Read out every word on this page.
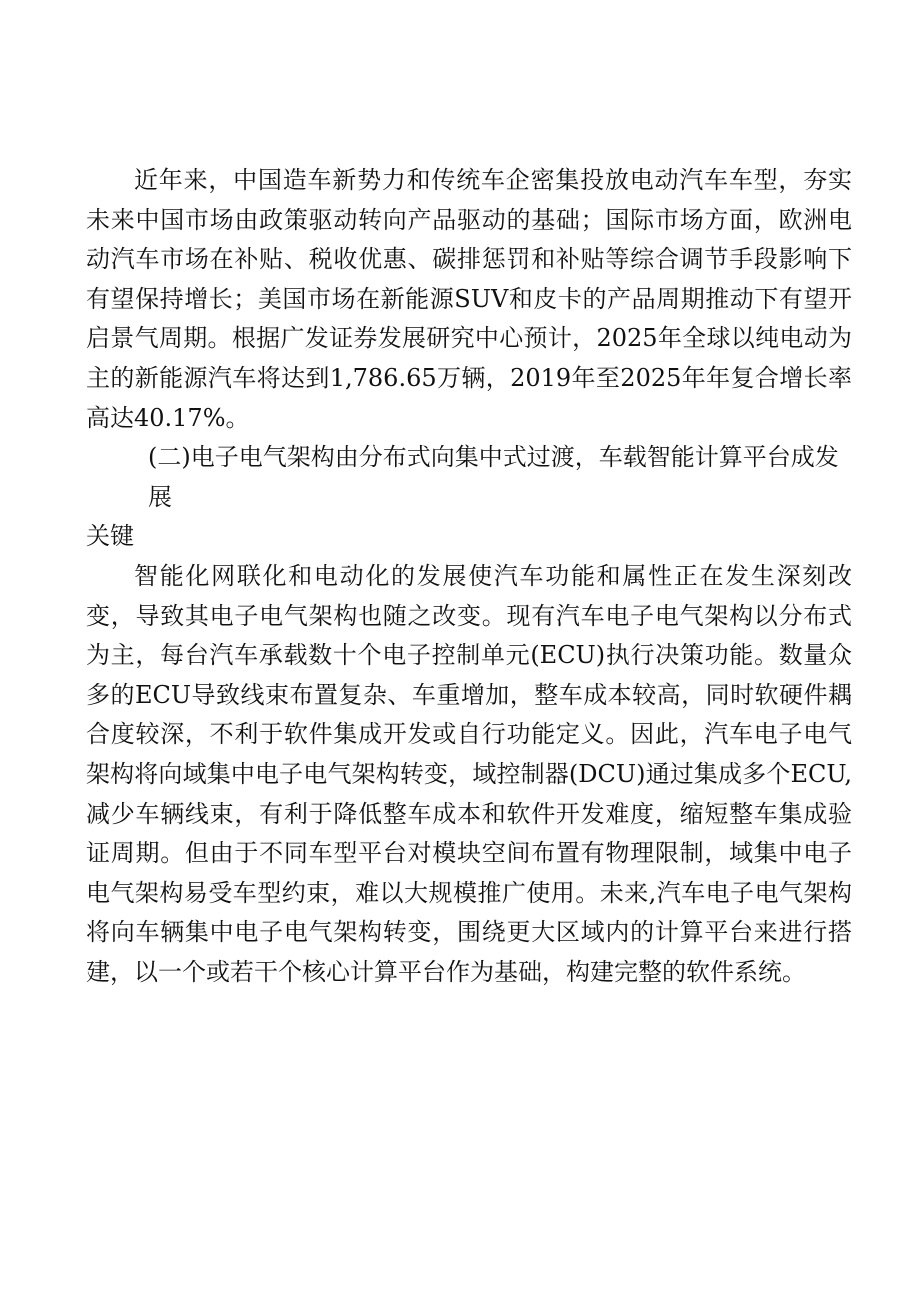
近年来，中国造车新势力和传统车企密集投放电动汽车车型，夯实未来中国市场由政策驱动转向产品驱动的基础；国际市场方面，欧洲电动汽车市场在补贴、税收优惠、碳排惩罚和补贴等综合调节手段影响下有望保持增长；美国市场在新能源SUV和皮卡的产品周期推动下有望开启景气周期。根据广发证券发展研究中心预计，2025年全球以纯电动为主的新能源汽车将达到1,786.65万辆，2019年至2025年年复合增长率高达40.17%。

(二)电子电气架构由分布式向集中式过渡，车载智能计算平台成发展
关键

智能化网联化和电动化的发展使汽车功能和属性正在发生深刻改变，导致其电子电气架构也随之改变。现有汽车电子电气架构以分布式为主，每台汽车承载数十个电子控制单元(ECU)执行决策功能。数量众多的ECU导致线束布置复杂、车重增加，整车成本较高，同时软硬件耦合度较深，不利于软件集成开发或自行功能定义。因此，汽车电子电气架构将向域集中电子电气架构转变，域控制器(DCU)通过集成多个ECU,减少车辆线束，有利于降低整车成本和软件开发难度，缩短整车集成验证周期。但由于不同车型平台对模块空间布置有物理限制，域集中电子电气架构易受车型约束，难以大规模推广使用。未来,汽车电子电气架构将向车辆集中电子电气架构转变，围绕更大区域内的计算平台来进行搭建，以一个或若干个核心计算平台作为基础，构建完整的软件系统。
